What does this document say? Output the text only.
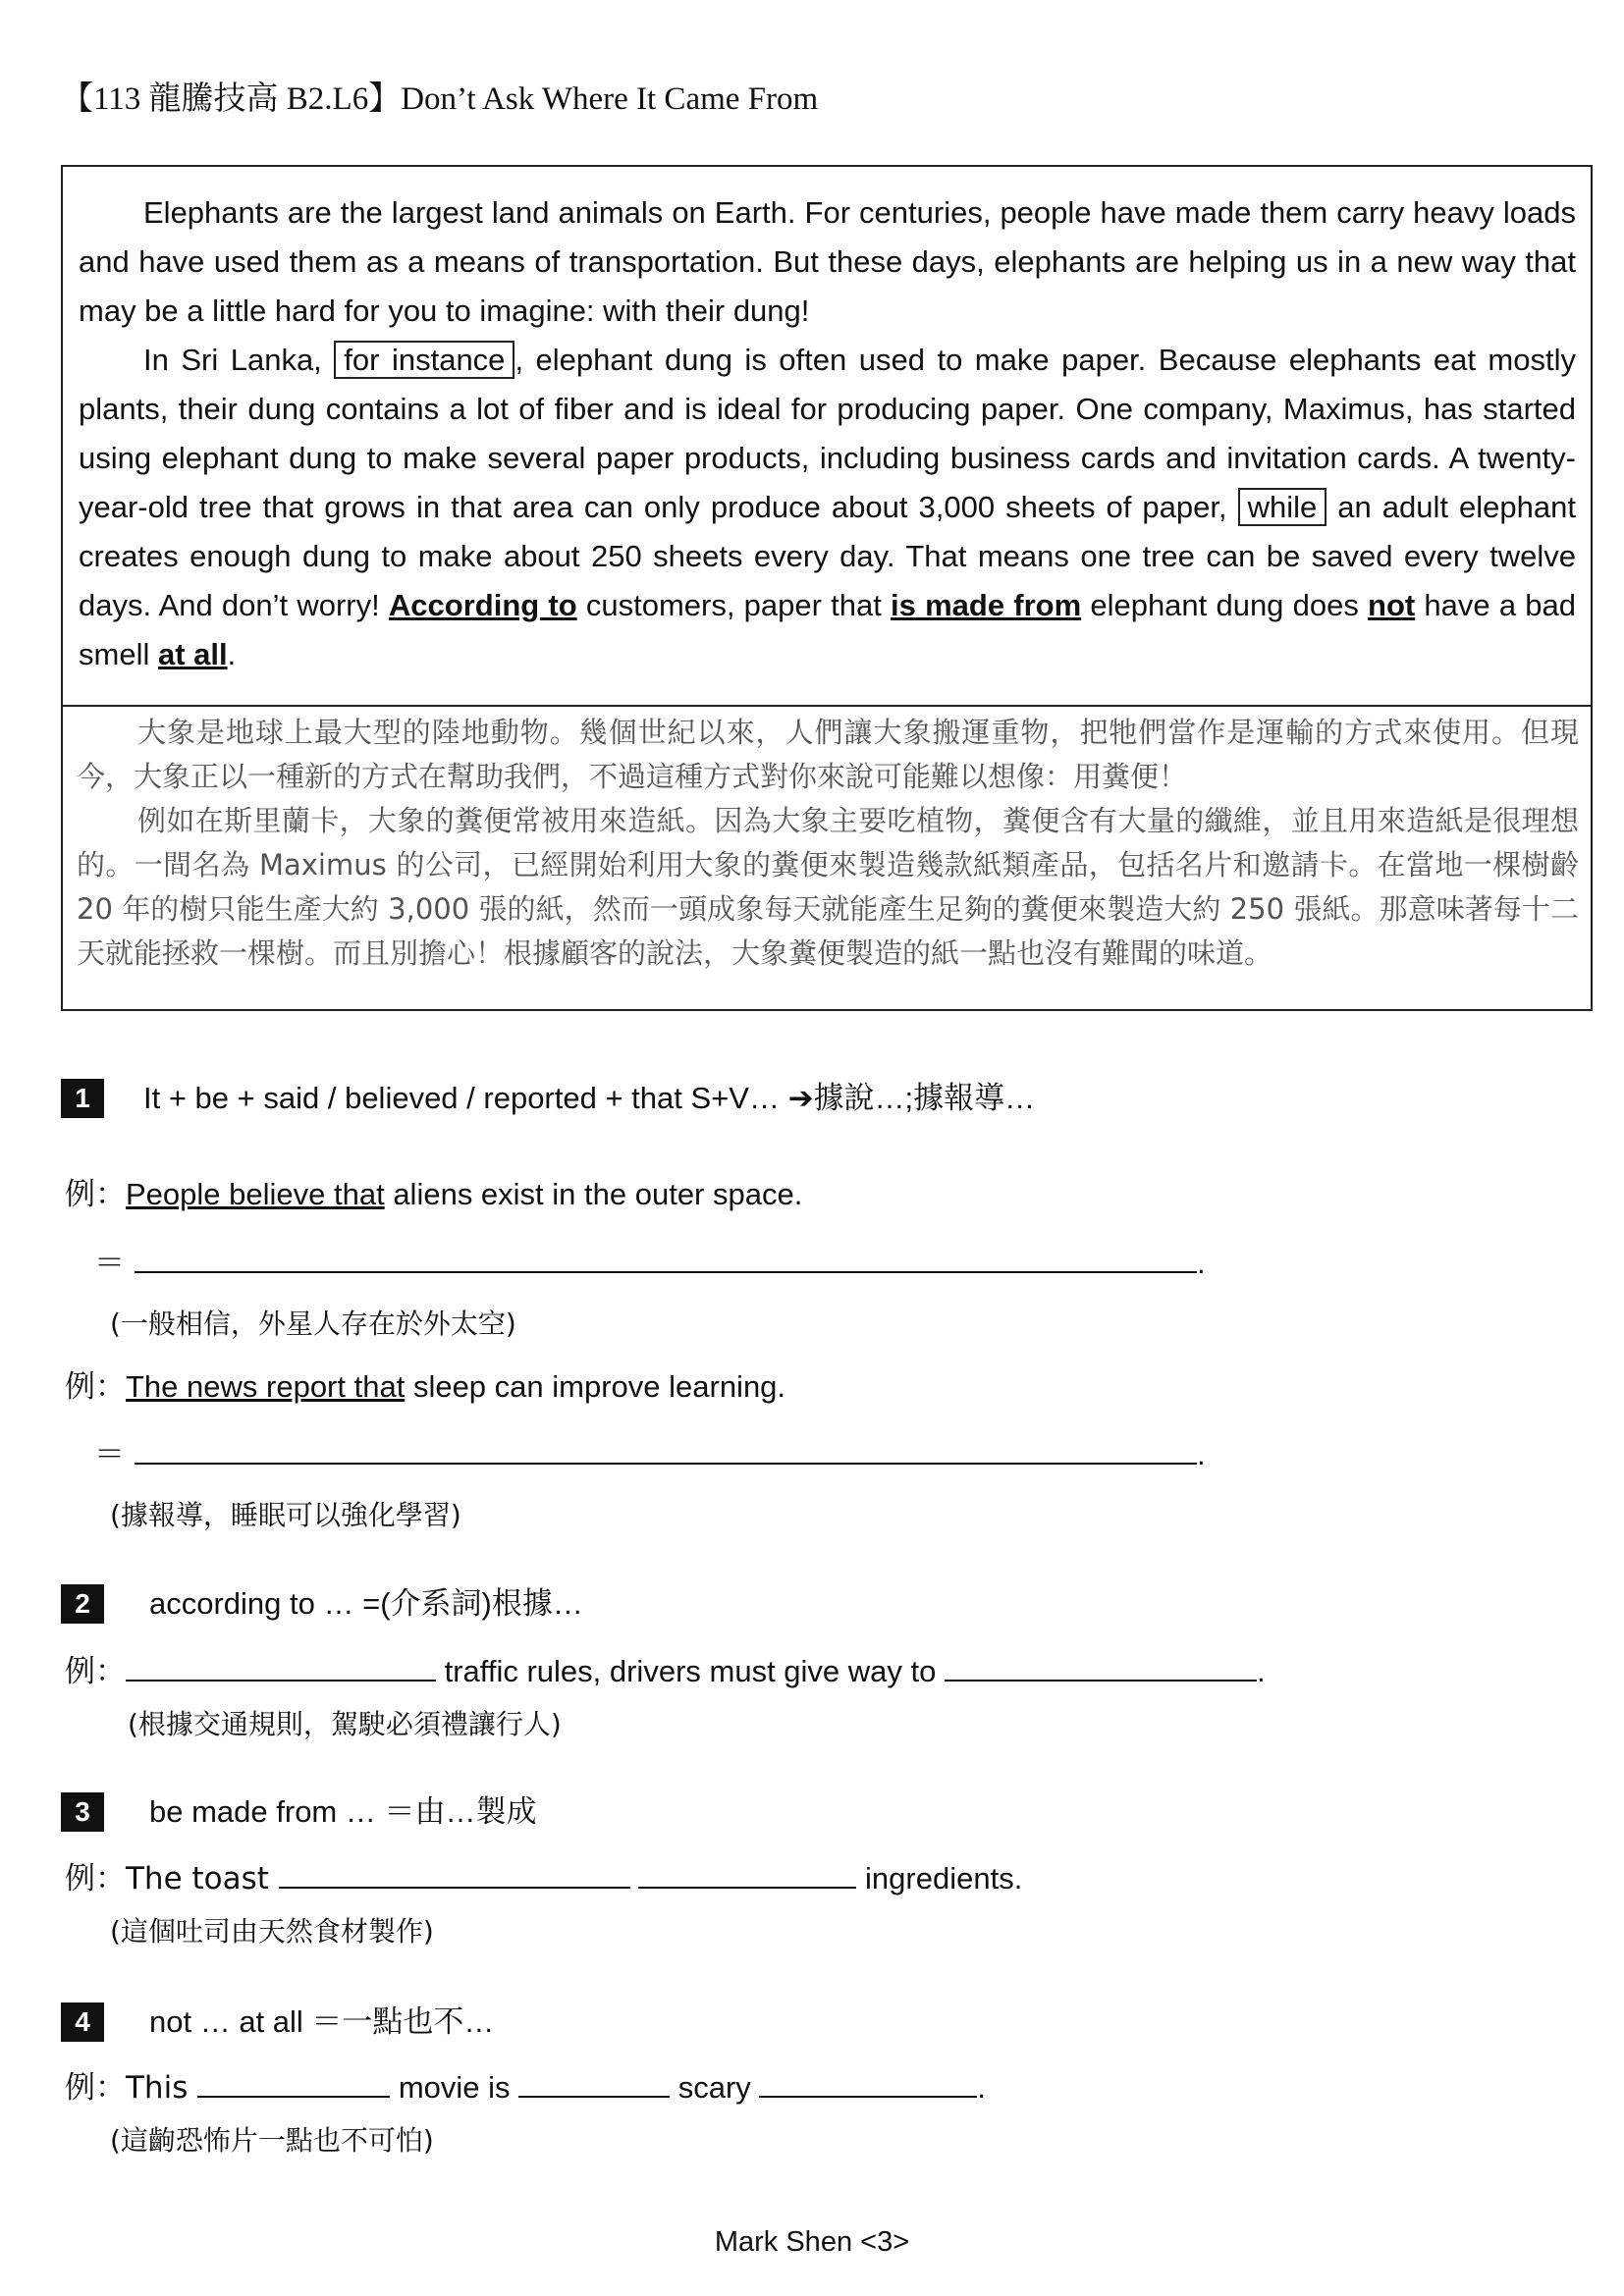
【113 龍騰技高 B2.L6】Don’t Ask Where It Came From

Elephants are the largest land animals on Earth. For centuries, people have made them carry heavy loads and have used them as a means of transportation. But these days, elephants are helping us in a new way that may be a little hard for you to imagine: with their dung!

In Sri Lanka, for instance , elephant dung is often used to make paper. Because elephants eat mostly plants, their dung contains a lot of fiber and is ideal for producing paper. One company, Maximus, has started using elephant dung to make several paper products, including business cards and invitation cards. A twenty-year-old tree that grows in that area can only produce about 3,000 sheets of paper, while an adult elephant creates enough dung to make about 250 sheets every day. That means one tree can be saved every twelve days. And don’t worry! According to customers, paper that is made from elephant dung does not have a bad smell at all.

大象是地球上最大型的陸地動物。幾個世紀以來，人們讓大象搬運重物，把牠們當作是運輸的方式來使用。但現今，大象正以一種新的方式在幫助我們，不過這種方式對你來說可能難以想像：用糞便！

例如在斯里蘭卡，大象的糞便常被用來造紙。因為大象主要吃植物，糞便含有大量的纖維，並且用來造紙是很理想的。一間名為 Maximus 的公司，已經開始利用大象的糞便來製造幾款紙類產品，包括名片和邀請卡。在當地一棵樹齡 20 年的樹只能生產大約 3,000 張的紙，然而一頭成象每天就能產生足夠的糞便來製造大約 250 張紙。那意味著每十二天就能拯救一棵樹。而且別擔心！根據顧客的說法，大象糞便製造的紙一點也沒有難聞的味道。

1	It + be + said / believed / reported + that S+V… ➔據說…;據報導…
例：People believe that aliens exist in the outer space.
＝	.
(一般相信，外星人存在於外太空)
例：The news report that sleep can improve learning.
＝	.
(據報導，睡眠可以強化學習)
2	according to … =(介系詞)根據…
例：	traffic rules, drivers must give way to	.
(根據交通規則，駕駛必須禮讓行人)
3	be made from … ＝由…製成
例：The toast	ingredients.
(這個吐司由天然食材製作)
4	not … at all ＝一點也不…
例：This	movie is	scary	.
(這齣恐怖片一點也不可怕)
Mark Shen <3>
